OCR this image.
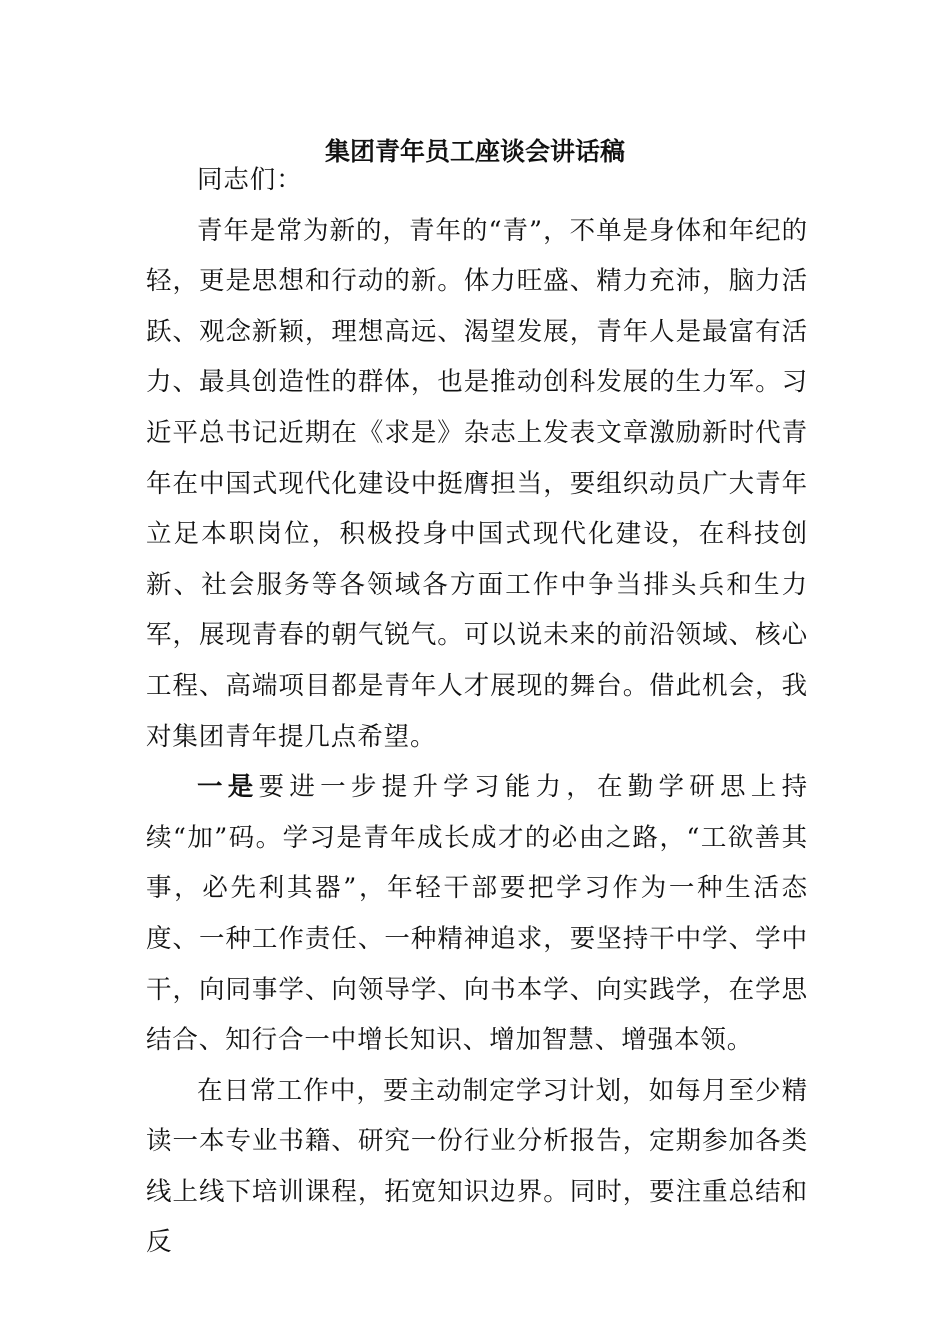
集团青年员工座谈会讲话稿

同志们：

青年是常为新的，青年的“青”，不单是身体和年纪的轻，更是思想和行动的新。体力旺盛、精力充沛，脑力活跃、观念新颖，理想高远、渴望发展，青年人是最富有活力、最具创造性的群体，也是推动创科发展的生力军。习近平总书记近期在《求是》杂志上发表文章激励新时代青年在中国式现代化建设中挺膺担当，要组织动员广大青年立足本职岗位，积极投身中国式现代化建设，在科技创新、社会服务等各领域各方面工作中争当排头兵和生力军，展现青春的朝气锐气。可以说未来的前沿领域、核心工程、高端项目都是青年人才展现的舞台。借此机会，我对集团青年提几点希望。

一是要进一步提升学习能力，在勤学研思上持续“加”码。学习是青年成长成才的必由之路，“工欲善其事，必先利其器”，年轻干部要把学习作为一种生活态度、一种工作责任、一种精神追求，要坚持干中学、学中干，向同事学、向领导学、向书本学、向实践学，在学思结合、知行合一中增长知识、增加智慧、增强本领。

在日常工作中，要主动制定学习计划，如每月至少精读一本专业书籍、研究一份行业分析报告，定期参加各类线上线下培训课程，拓宽知识边界。同时，要注重总结和反
